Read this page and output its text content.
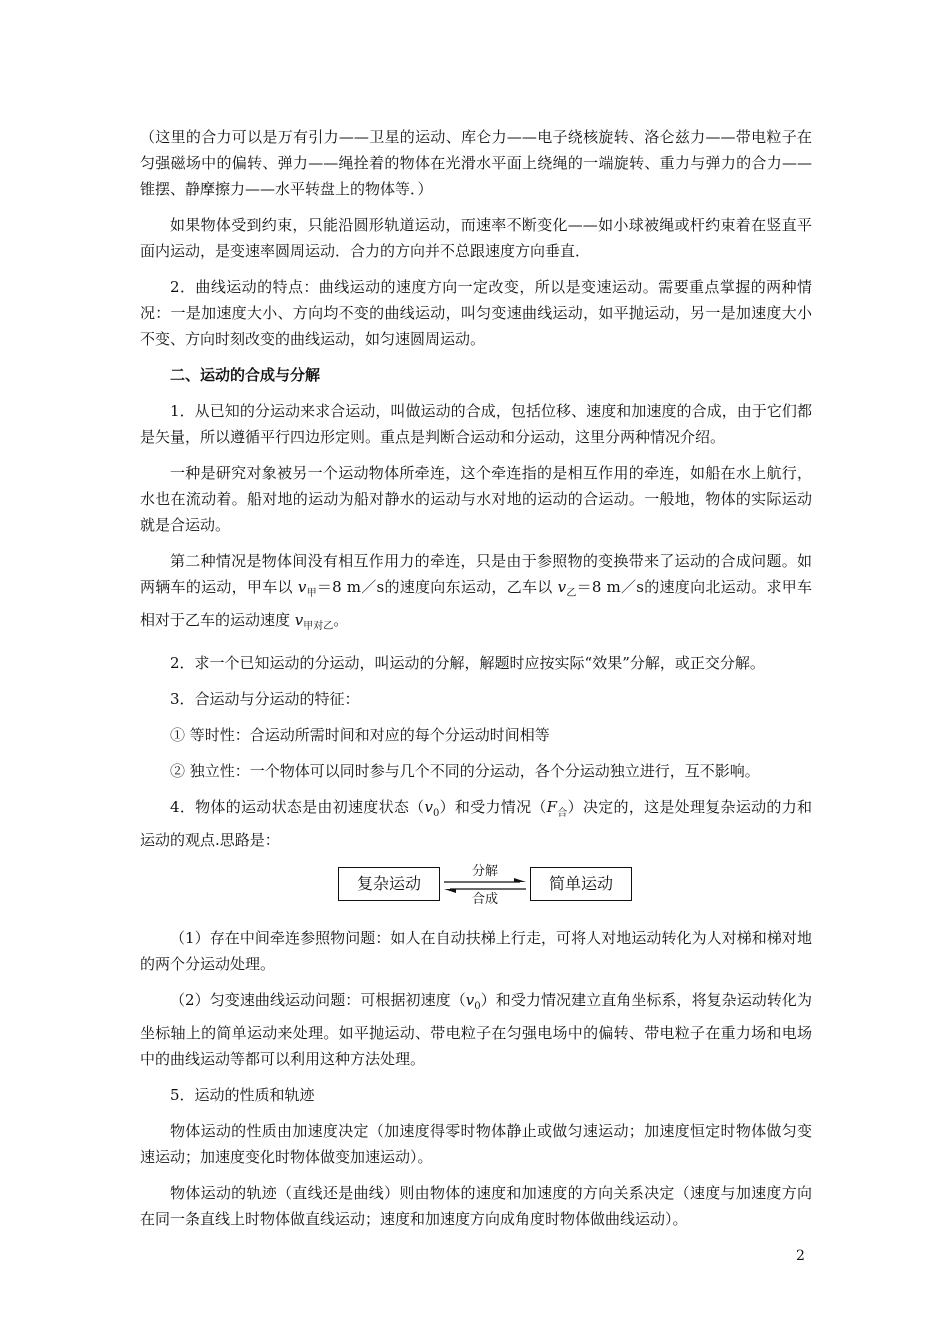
（这里的合力可以是万有引力——卫星的运动、库仑力——电子绕核旋转、洛仑兹力——带电粒子在匀强磁场中的偏转、弹力——绳拴着的物体在光滑水平面上绕绳的一端旋转、重力与弹力的合力——锥摆、静摩擦力——水平转盘上的物体等．）

如果物体受到约束，只能沿圆形轨道运动，而速率不断变化——如小球被绳或杆约束着在竖直平面内运动，是变速率圆周运动．合力的方向并不总跟速度方向垂直．

2．曲线运动的特点：曲线运动的速度方向一定改变，所以是变速运动。需要重点掌握的两种情况：一是加速度大小、方向均不变的曲线运动，叫匀变速曲线运动，如平抛运动，另一是加速度大小不变、方向时刻改变的曲线运动，如匀速圆周运动。

二、运动的合成与分解

1．从已知的分运动来求合运动，叫做运动的合成，包括位移、速度和加速度的合成，由于它们都是矢量，所以遵循平行四边形定则。重点是判断合运动和分运动，这里分两种情况介绍。

一种是研究对象被另一个运动物体所牵连，这个牵连指的是相互作用的牵连，如船在水上航行，水也在流动着。船对地的运动为船对静水的运动与水对地的运动的合运动。一般地，物体的实际运动就是合运动。

第二种情况是物体间没有相互作用力的牵连，只是由于参照物的变换带来了运动的合成问题。如两辆车的运动，甲车以 $v_甲=8$ m／s的速度向东运动，乙车以 $v_乙=8$ m／s的速度向北运动。求甲车相对于乙车的运动速度 $v_{甲对乙}$。

2．求一个已知运动的分运动，叫运动的分解，解题时应按实际“效果”分解，或正交分解。

3．合运动与分运动的特征：

① 等时性：合运动所需时间和对应的每个分运动时间相等

② 独立性：一个物体可以同时参与几个不同的分运动，各个分运动独立进行，互不影响。

4．物体的运动状态是由初速度状态$(v_0)$和受力情况$(F_合)$决定的，这是处理复杂运动的力和运动的观点.思路是：

复杂运动
分解
合成
简单运动

（1）存在中间牵连参照物问题：如人在自动扶梯上行走，可将人对地运动转化为人对梯和梯对地的两个分运动处理。

（2）匀变速曲线运动问题：可根据初速度$(v_0)$和受力情况建立直角坐标系，将复杂运动转化为坐标轴上的简单运动来处理。如平抛运动、带电粒子在匀强电场中的偏转、带电粒子在重力场和电场中的曲线运动等都可以利用这种方法处理。

5．运动的性质和轨迹

物体运动的性质由加速度决定（加速度得零时物体静止或做匀速运动；加速度恒定时物体做匀变速运动；加速度变化时物体做变加速运动）。

物体运动的轨迹（直线还是曲线）则由物体的速度和加速度的方向关系决定（速度与加速度方向在同一条直线上时物体做直线运动；速度和加速度方向成角度时物体做曲线运动）。

2
